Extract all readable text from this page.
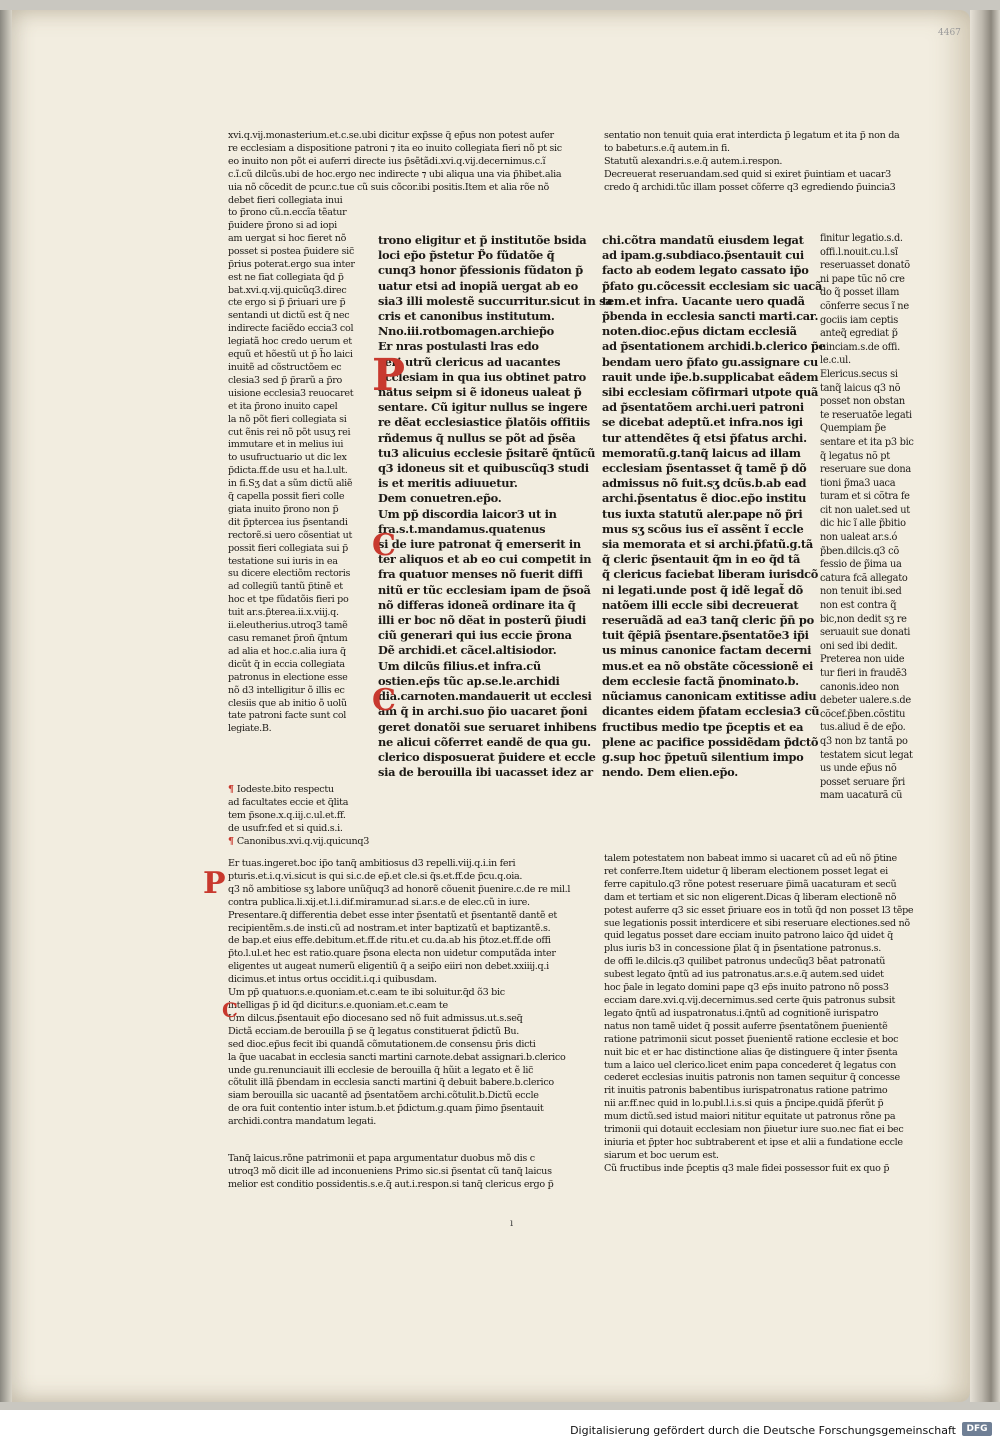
4467
xvi.q.vij.monasterium.et.c.se.ubi dicitur exp̃sse q̃ ep̃us non potest aufer
re ecclesiam a dispositione patroni ⁊ ita eo inuito collegiata fieri nõ pt sic
eo inuito non põt ei auferri directe ius p̃sẽtãdi.xvi.q.vij.decernimus.c.ĩ
c.ĩ.cũ dilcũs.ubi de hoc.ergo nec indirecte ⁊ ubi aliqua una via p̃hibet.alia
uia nõ cõcedit de pcur.c.tue cũ suis cõcor.ibi positis.Item et alia rõe nõ
debet fieri collegiata inui
to p̃rono cũ.n.eccĩa tẽatur
p̃uidere p̃rono si ad iopi
am uergat si hoc fieret nõ
posset si postea p̃uidere sic̃
p̃rius poterat.ergo sua inter
est ne fiat collegiata q̃d p̃
bat.xvi.q.vij.quicũq3.direc
cte ergo si p̃ p̃riuari ure p̃
sentandi ut dictũ est q̃ nec
indirecte faciẽdo eccia3 col
legiatã hoc credo uerum et
equũ et hõestũ ut p̃ h̃o laici
inuitẽ ad cõstructõem ec
clesia3 sed p̃ p̃rarũ a p̃ro
uisione ecclesia3 reuocaret
et ita p̃rono inuito capel
la nõ põt fieri collegiata si
cut ẽnis rei nõ põt usuʒ rei
immutare et in melius iui
to usufructuario ut dic lex
p̃dicta.ff.de usu et ha.l.ult.
in fi.Sʒ dat a sũm dictũ aliẽ
q̃ capella possit fieri colle
giata inuito p̃rono non p̃
dit p̃ptercea ius p̃sentandi
rectorẽ.si uero cõsentiat ut
possit fieri collegiata sui p̃
testatione sui iuris in ea
su dicere electiõm rectoris
ad collegiũ tantũ p̃tinẽ et
hoc et tpe fũdatõis fieri po
tuit ar.s.p̃terea.ii.x.viij.q.
ii.eleutherius.utroq3 tamẽ
casu remanet p̃ron̄ q̃ntum
ad alia et hoc.c.alia iura q̃
dicũt q̃ in eccia collegiata
patronus in electione esse
nõ d3 intelligitur õ illis ec
clesiis que ab initio õ uolũ
tate patroni facte sunt col
legiate.B.
¶ Iodeste.bito respectu
ad facultates eccie et q̃lita
tem p̃sone.x.q.iij.c.ul.et.ff.
de usufr.fed et si quid.s.i.
¶ Canonibus.xvi.q.vij.quicunq3
trono eligitur et p̃ institutõe bsida
loci ep̃o p̃stetur P̃o fũdatõe q̃
cunq3 honor p̃fessionis fũdaton p̃
uatur etsi ad inopiã uergat ab eo
sia3 illi molestẽ succurritur.sicut in sa
cris et canonibus institutum.
Nno.iii.rotbomagen.archiep̃o
Er nras postulasti lras edo
ceri utrũ clericus ad uacantes
ecclesiam in qua ius obtinet patro
natus seipm si ẽ idoneus ualeat p̃
sentare. Cũ igitur nullus se ingere
re dẽat ecclesiastice p̃latõis offitiis
rñdemus q̃ nullus se põt ad p̃sẽa
tu3 alicuius ecclesie p̃sitarẽ q̃ntũcũ
q3 idoneus sit et quibuscũq3 studi
is et meritis adiuuetur.
Dem conuetren.ep̃o.
Um pp̃ discordia laicor3 ut in
fra.s.t.mandamus.quatenus
si de iure patronat q̃ emerserit in
ter aliquos et ab eo cui competit in
fra quatuor menses nõ fuerit diffi
nitũ er tũc ecclesiam ipam de p̃soã
nõ differas idoneã ordinare ita q̃
illi er boc nõ dẽat in posterũ p̃iudi
ciũ generari qui ius eccie p̃rona
Dẽ archidi.et cãcel.altisiodor.
Um dilcũs filius.et infra.cũ
ostien.ep̃s tũc ap.se.le.archidi
dia.carnoten.mandauerit ut ecclesi
am q̃ in archi.suo p̃io uacaret p̃oni
geret donatõi sue seruaret inhibens
ne alicui cõferret eandẽ de qua gu.
clerico disposuerat p̃uidere et eccle
sia de berouilla ibi uacasset idez ar
chi.cõtra mandatũ eiusdem legat
ad ipam.g.subdiaco.p̃sentauit cui
facto ab eodem legato cassato ip̃o
p̃fato gu.cõcessit ecclesiam sic uacã
tem.et infra. Uacante uero quadã
p̃benda in ecclesia sancti marti.car.
noten.dioc.ep̃us dictam ecclesiã
ad p̃sentationem archidi.b.clerico p̃e
bendam uero p̃fato gu.assignare cu
rauit unde ip̃e.b.supplicabat eãdem
sibi ecclesiam cõfirmari utpote quã
ad p̃sentatõem archi.ueri patroni
se dicebat adeptũ.et infra.nos igi
tur attendẽtes q̃ etsi p̃fatus archi.
memoratũ.g.tanq̃ laicus ad illam
ecclesiam p̃sentasset q̃ tamẽ p̃ dõ
admissus nõ fuit.sʒ dcũs.b.ab ead
archi.p̃sentatus ẽ dioc.ep̃o institu
tus iuxta statutũ aler.pape nõ p̃ri
mus sʒ scõus ius eĩ assẽnt ĩ eccle
sia memorata et si archi.p̃fatũ.g.tã
q̃ cleric p̃sentauit q̃m in eo q̃d tã
q̃ clericus faciebat liberam iurisdcõ
ni legati.unde post q̃ idẽ legat̃ dõ
natõem illi eccle sibi decreuerat
reseruãdã ad ea3 tanq̃ cleric p̃n̄ po
tuit q̃ẽpiã p̃sentare.p̃sentatõe3 ip̃i
us minus canonice factam decerni
mus.et ea nõ obstãte cõcessionẽ ei
dem ecclesie factã p̃nominato.b.
nũciamus canonicam extitisse adiu
dicantes eidem p̃fatam ecclesia3 cũ
fructibus medio tpe p̃ceptis et ea
plene ac pacifice possidẽdam p̃dctõ
g.sup hoc p̃petuũ silentium impo
nendo. Dem elien.ep̃o.
finitur legatio.s.d.
offi.l.nouit.cu.l.sĩ
reseruasset donatõ
ni pape tũc nõ cre
do q̃ posset illam
cõnferre secus ĩ ne
gociis iam ceptis
anteq̃ egrediat p̃
uinciam.s.de offi.
le.c.ul.
Elericus.secus si
tanq̃ laicus q3 nõ
posset non obstan
te reseruatõe legati
Quempiam p̃e
sentare et ita p3 bic
q̃ legatus nõ pt
reseruare sue dona
tioni p̃ma3 uaca
turam et si cõtra fe
cit non ualet.sed ut
dic hic ĩ alle p̃bitio
non ualeat ar.s.ó
p̃ben.dilcis.q3 cõ
fessio de p̃ima ua
catura fcã allegato
non tenuit ibi.sed
non est contra q̃
bic,non dedit sʒ re
seruauit sue donati
oni sed ibi dedit.
Preterea non uide
tur fieri in fraudẽ3
canonis.ideo non
debeter ualere.s.de
cõcef.p̃ben.cõstitu
tus.aliud ẽ de ep̃o.
q3 non bz tantã po
testatem sicut legat
us unde ep̃us nõ
posset seruare p̃ri
mam uacaturã cũ
sentatio non tenuit quia erat interdicta p̃ legatum et ita p̃ non da
to babetur.s.e.q̃ autem.in fi.
Statutũ alexandri.s.e.q̃ autem.i.respon.
Decreuerat reseruandam.sed quid si exiret p̃uintiam et uacar3
credo q̃ archidi.tũc illam posset cõferre q3 egrediendo p̃uincia3
Er tuas.ingeret.boc ip̃o tanq̃ ambitiosus d3 repelli.viij.q.i.in feri
pturis.et.i.q.vi.sicut is qui si.c.de ep̃.et cle.si q̃s.et.ff.de p̃cu.q.oia.
q3 nõ ambitiose sʒ labore unũq̃uq3 ad honorẽ cõuenit p̃uenire.c.de re mil.l
contra publica.li.xij.et.l.i.dif.miramur.ad si.ar.s.e de elec.cũ in iure.
Presentare.q̃ differentia debet esse inter p̃sentatũ et p̃sentantẽ dantẽ et
recipientẽm.s.de insti.cũ ad nostram.et inter baptizatũ et baptizantẽ.s.
de bap.et eius effe.debitum.et.ff.de ritu.et cu.da.ab his p̃toz.et.ff.de offi
p̃to.l.ul.et hec est ratio.quare p̃sona electa non uidetur computãda inter
eligentes ut augeat numerũ eligentiũ q̃ a seip̃o eiiri non debet.xxiiij.q.i
dicimus.et intus ortus occidit.i.q.i quibusdam.
Um pp̃ quatuor.s.e.quoniam.et.c.eam te ibi soluitur.q̃d õ3 bic
intelligas p̃ id q̃d dicitur.s.e.quoniam.et.c.eam te
Um dilcus.p̃sentauit ep̃o diocesano sed nõ fuit admissus.ut.s.seq̃
Dictã ecciam.de berouilla p̃ se q̃ legatus constituerat p̃dictũ Bu.
sed dioc.ep̃us fecit ibi quandã cõmutationem.de consensu p̃ris dicti
la q̃ue uacabat in ecclesia sancti martini carnote.debat assignari.b.clerico
unde gu.renunciauit illi ecclesie de berouilla q̃ hũit a legato et ẽ lic̃
cõtulit illã p̃bendam in ecclesia sancti martini q̃ debuit babere.b.clerico
siam berouilla sic uacantẽ ad p̃sentatõem archi.cõtulit.b.Dictũ eccle
de ora fuit contentio inter istum.b.et p̃dictum.g.quam p̃imo p̃sentauit
archidi.contra mandatum legati.
Tanq̃ laicus.rõne patrimonii et papa argumentatur duobus mõ dis c
utroq3 mõ dicit ille ad inconueniens Primo sic.si p̃sentat cũ tanq̃ laicus
melior est conditio possidentis.s.e.q̃ aut.i.respon.si tanq̃ clericus ergo p̃
talem potestatem non babeat immo si uacaret cũ ad eũ nõ p̃tine
ret conferre.Item uidetur q̃ liberam electionem posset legat ei
ferre capitulo.q3 rõne potest reseruare p̃imã uacaturam et secũ
dam et tertiam et sic non eligerent.Dicas q̃ liberam electionẽ nõ
potest auferre q3 sic esset p̃riuare eos in totũ q̃d non posset l3 tẽpe
sue legationis possit interdicere et sibi reseruare electiones.sed nõ
quid legatus posset dare ecciam inuito patrono laico q̃d uidet q̃
plus iuris b3 in concessione p̃lat q̃ in p̃sentatione patronus.s.
de offi le.dilcis.q3 quilibet patronus undecũq3 bẽat patronatũ
subest legato q̃ntũ ad ius patronatus.ar.s.e.q̃ autem.sed uidet
hoc p̃ale in legato domini pape q3 ep̃s inuito patrono nõ poss3
ecciam dare.xvi.q.vij.decernimus.sed certe q̃uis patronus subsit
legato q̃ntũ ad iuspatronatus.i.q̃ntũ ad cognitionẽ iurispatro
natus non tamẽ uidet q̃ possit auferre p̃sentatõnem p̃uenientẽ
ratione patrimonii sicut posset p̃uenientẽ ratione ecclesie et boc
nuit bic et er hac distinctione alias q̃e distinguere q̃ inter p̃senta
tum a laico uel clerico.licet enim papa concederet q̃ legatus con
cederet ecclesias inuitis patronis non tamen sequitur q̃ concesse
rit inuitis patronis babentibus iurispatronatus ratione patrimo
nii ar.ff.nec quid in lo.publ.l.i.s.si quis a p̃ncipe.quidã p̃ferũt p̃
mum dictũ.sed istud maiori nititur equitate ut patronus rõne pa
trimonii qui dotauit ecclesiam non p̃iuetur iure suo.nec fiat ei bec
iniuria et p̃pter hoc subtraberent et ipse et alii a fundatione eccle
siarum et boc uerum est.
Cũ fructibus inde p̃ceptis q3 male fidei possessor fuit ex quo p̃
P
C
C
P
C
ı
Digitalisierung gefördert durch die Deutsche Forschungsgemeinschaft	DFG
